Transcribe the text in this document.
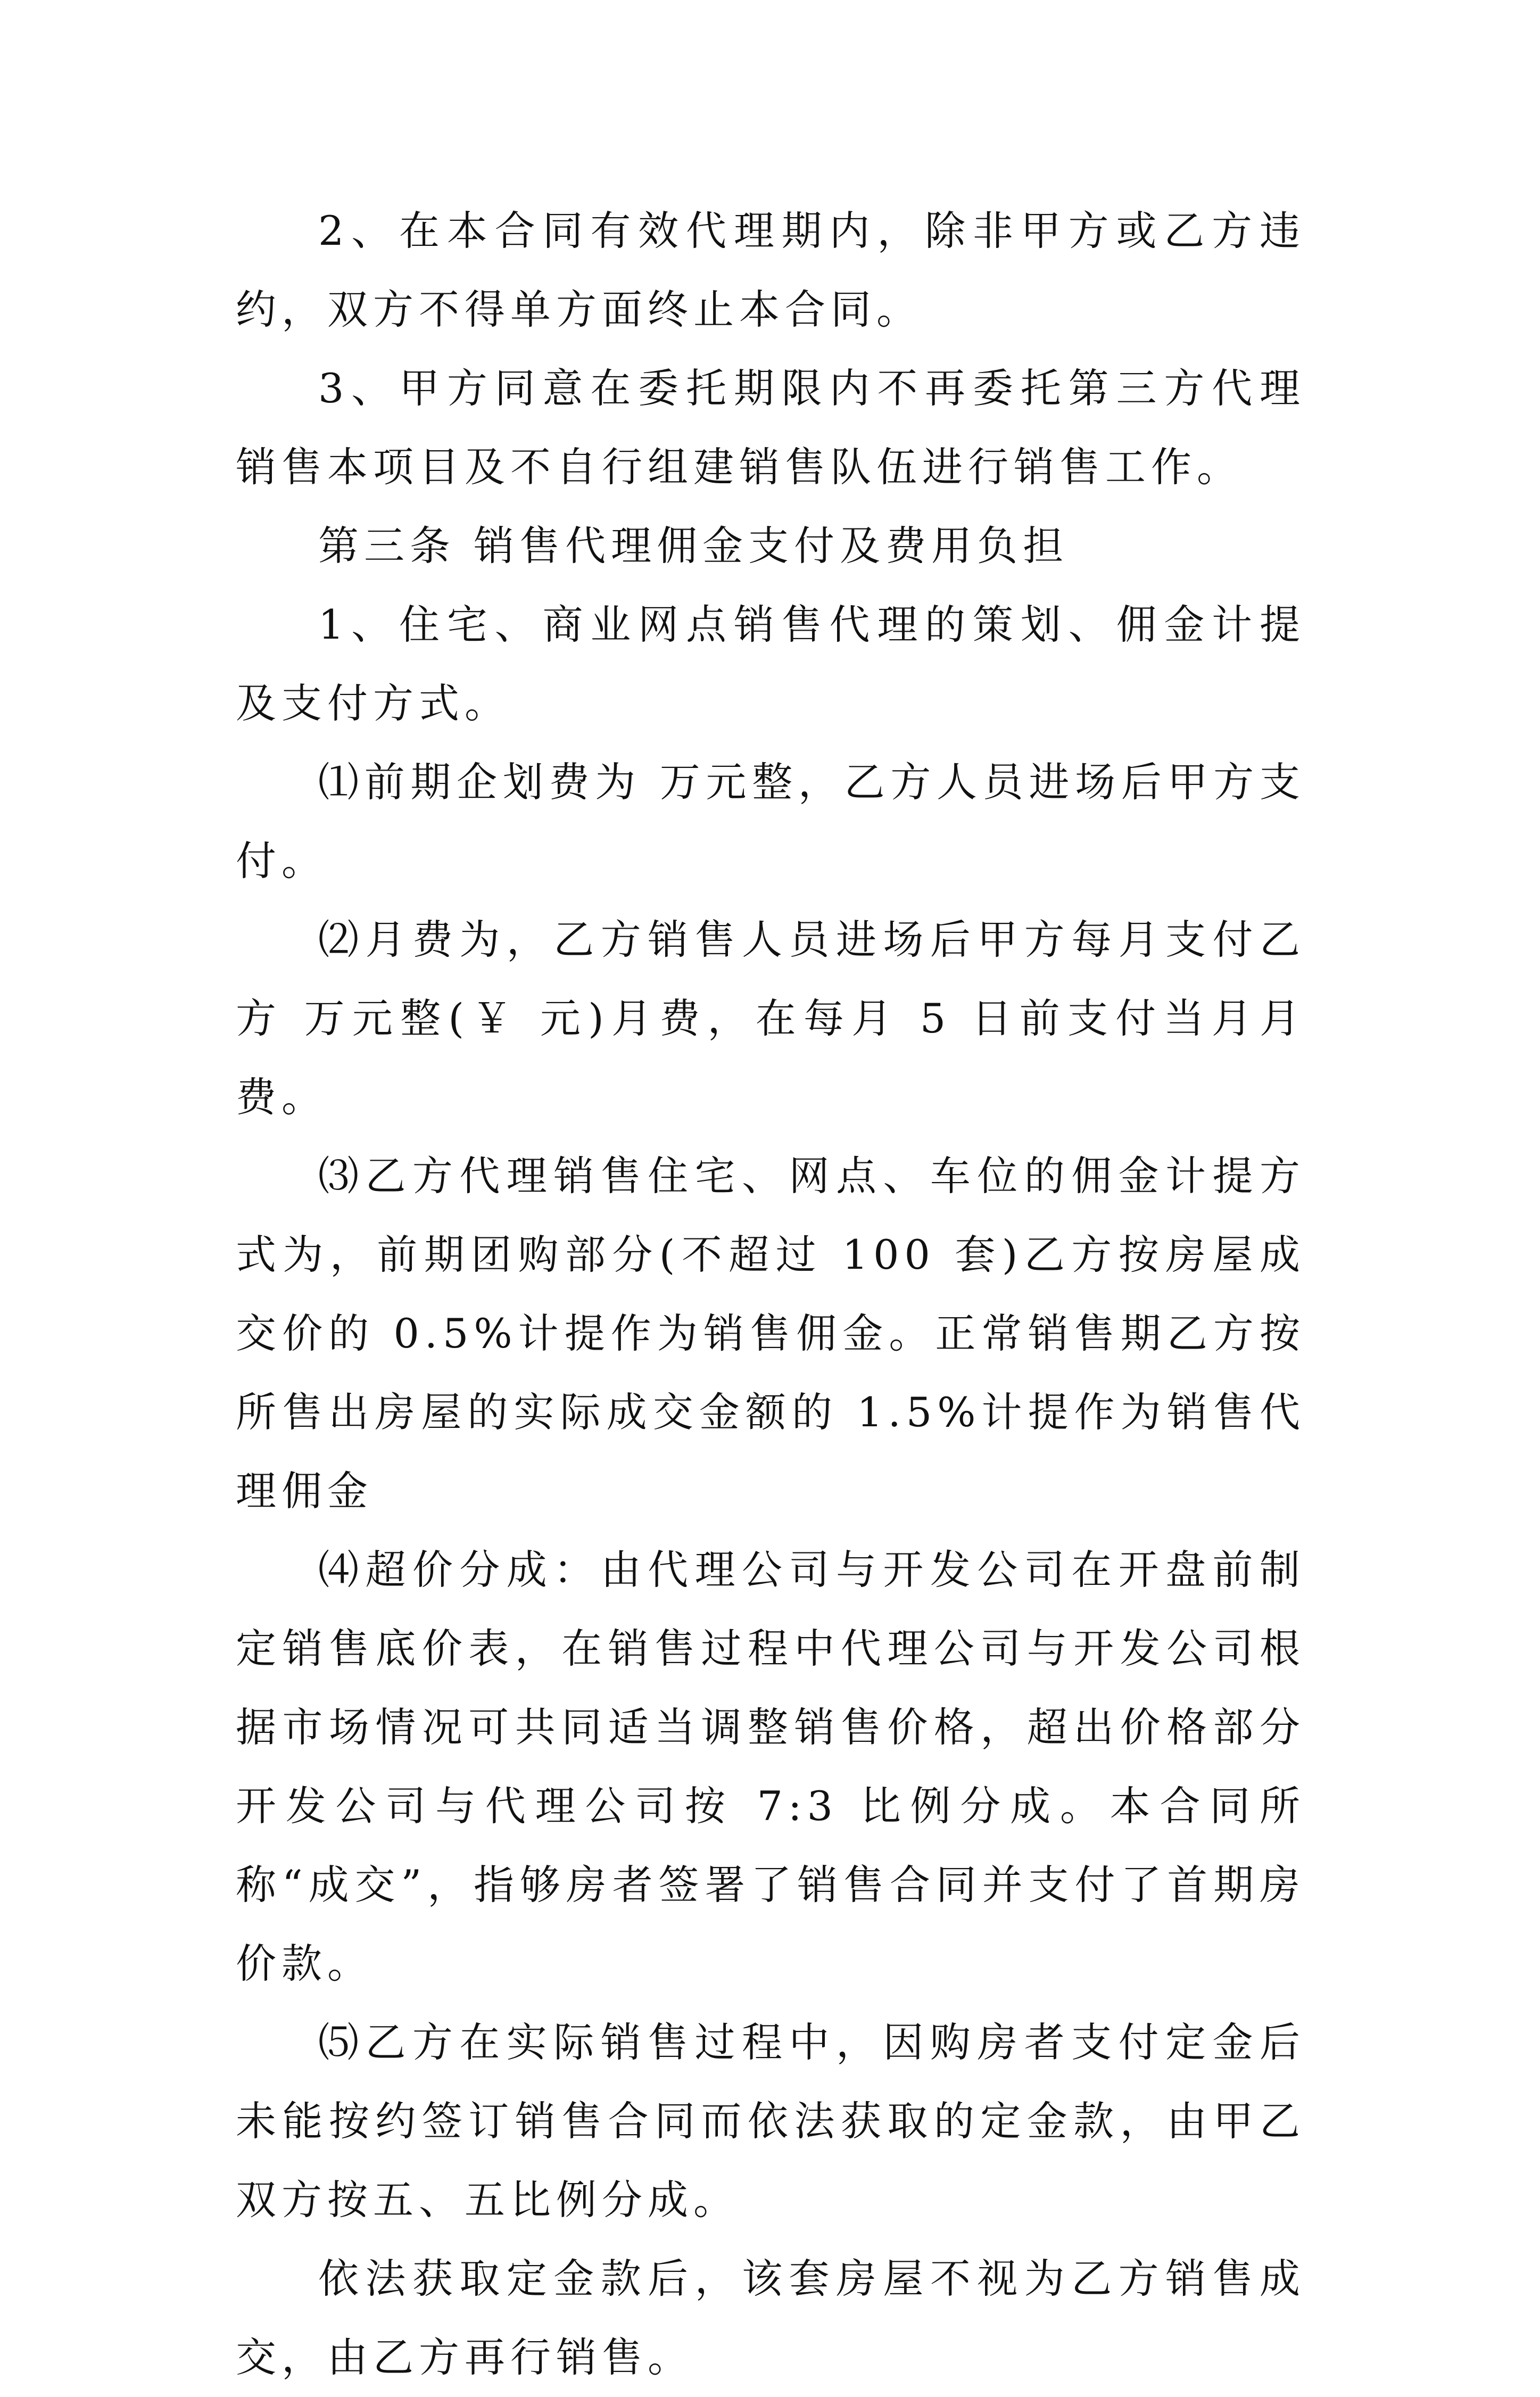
2、在本合同有效代理期内，除非甲方或乙方违约，双方不得单方面终止本合同。

3、甲方同意在委托期限内不再委托第三方代理销售本项目及不自行组建销售队伍进行销售工作。

第三条 销售代理佣金支付及费用负担

1、住宅、商业网点销售代理的策划、佣金计提及支付方式。

⑴前期企划费为 万元整，乙方人员进场后甲方支付。

⑵月费为，乙方销售人员进场后甲方每月支付乙方 万元整(￥ 元)月费，在每月 5 日前支付当月月费。

⑶乙方代理销售住宅、网点、车位的佣金计提方式为，前期团购部分(不超过 100 套)乙方按房屋成交价的 0.5%计提作为销售佣金。正常销售期乙方按所售出房屋的实际成交金额的 1.5%计提作为销售代理佣金

⑷超价分成：由代理公司与开发公司在开盘前制定销售底价表，在销售过程中代理公司与开发公司根据市场情况可共同适当调整销售价格，超出价格部分开发公司与代理公司按 7:3 比例分成。本合同所称“成交”，指够房者签署了销售合同并支付了首期房价款。

⑸乙方在实际销售过程中，因购房者支付定金后未能按约签订销售合同而依法获取的定金款，由甲乙双方按五、五比例分成。

依法获取定金款后，该套房屋不视为乙方销售成交，由乙方再行销售。
